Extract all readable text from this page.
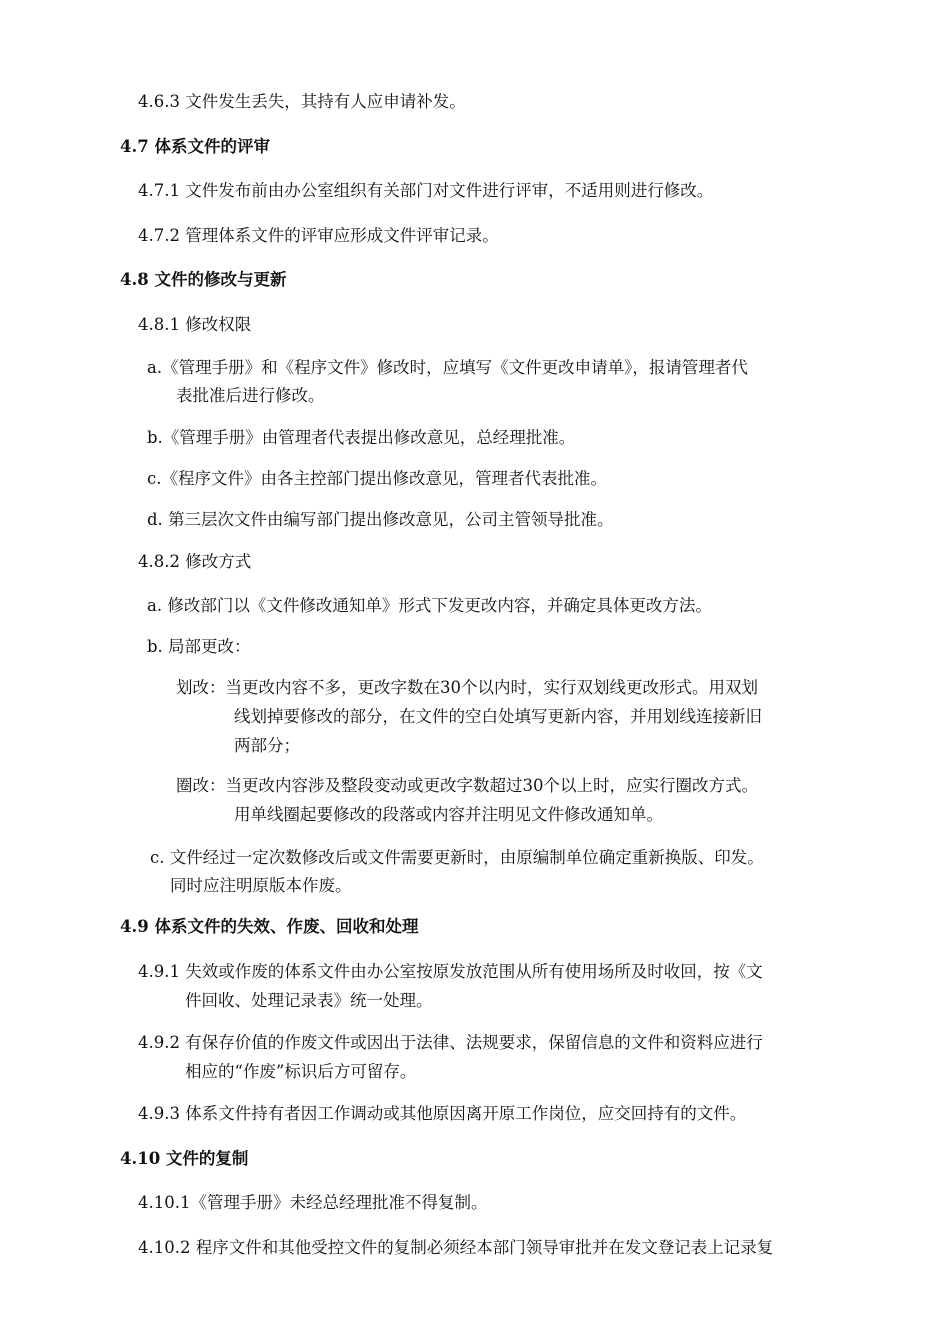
4.6.3 文件发生丢失，其持有人应申请补发。
4.7 体系文件的评审
4.7.1 文件发布前由办公室组织有关部门对文件进行评审，不适用则进行修改。
4.7.2 管理体系文件的评审应形成文件评审记录。
4.8 文件的修改与更新
4.8.1 修改权限
a.《管理手册》和《程序文件》修改时，应填写《文件更改申请单》，报请管理者代
表批准后进行修改。
b.《管理手册》由管理者代表提出修改意见，总经理批准。
c.《程序文件》由各主控部门提出修改意见，管理者代表批准。
d. 第三层次文件由编写部门提出修改意见，公司主管领导批准。
4.8.2 修改方式
a. 修改部门以《文件修改通知单》形式下发更改内容，并确定具体更改方法。
b. 局部更改：
划改：当更改内容不多，更改字数在30个以内时，实行双划线更改形式。用双划
线划掉要修改的部分，在文件的空白处填写更新内容，并用划线连接新旧
两部分；
圈改：当更改内容涉及整段变动或更改字数超过30个以上时，应实行圈改方式。
用单线圈起要修改的段落或内容并注明见文件修改通知单。
c. 文件经过一定次数修改后或文件需要更新时，由原编制单位确定重新换版、印发。
同时应注明原版本作废。
4.9 体系文件的失效、作废、回收和处理
4.9.1 失效或作废的体系文件由办公室按原发放范围从所有使用场所及时收回，按《文
件回收、处理记录表》统一处理。
4.9.2 有保存价值的作废文件或因出于法律、法规要求，保留信息的文件和资料应进行
相应的“作废”标识后方可留存。
4.9.3 体系文件持有者因工作调动或其他原因离开原工作岗位，应交回持有的文件。
4.10 文件的复制
4.10.1《管理手册》未经总经理批准不得复制。
4.10.2 程序文件和其他受控文件的复制必须经本部门领导审批并在发文登记表上记录复
